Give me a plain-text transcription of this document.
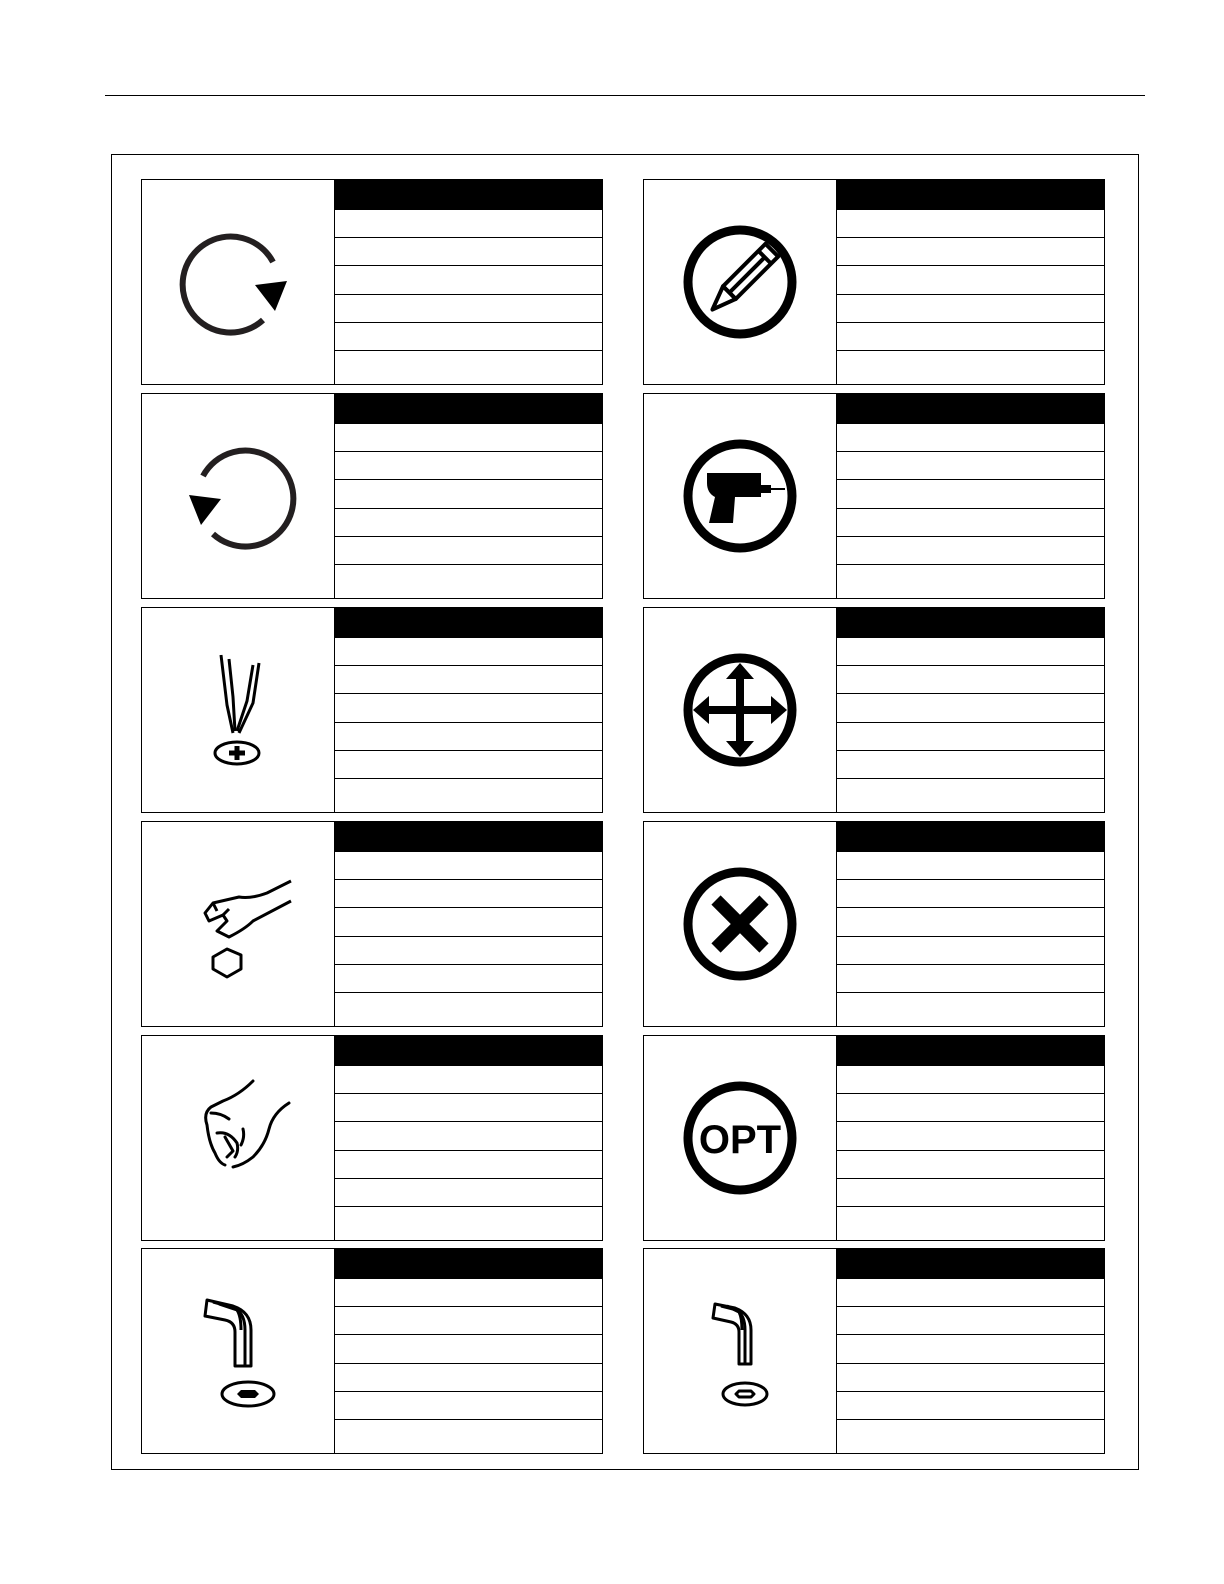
OPT
